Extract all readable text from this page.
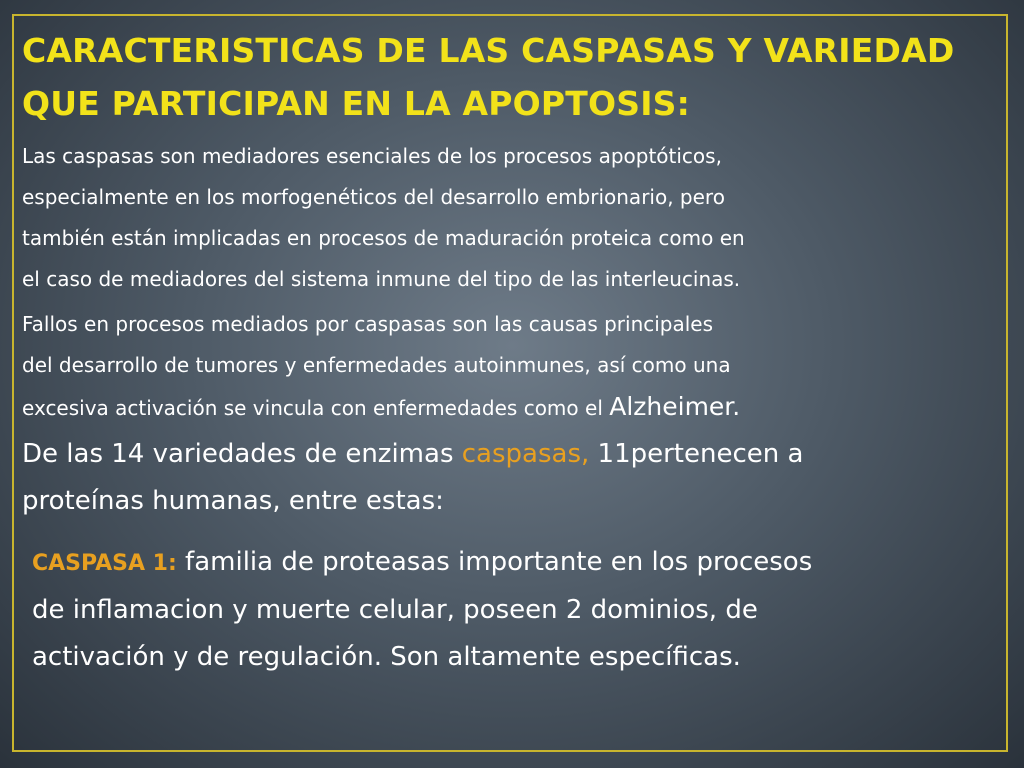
CARACTERISTICAS DE LAS CASPASAS Y VARIEDAD
QUE PARTICIPAN EN LA APOPTOSIS:

Las caspasas son mediadores esenciales de los procesos apoptóticos,
especialmente en los morfogenéticos del desarrollo embrionario, pero
también están implicadas en procesos de maduración proteica como en
el caso de mediadores del sistema inmune del tipo de las interleucinas.

Fallos en procesos mediados por caspasas son las causas principales
del desarrollo de tumores y enfermedades autoinmunes, así como una
excesiva activación se vincula con enfermedades como el Alzheimer.

De las 14 variedades de enzimas caspasas, 11pertenecen a
proteínas humanas, entre estas:

CASPASA 1: familia de proteasas importante en los procesos
de inflamacion y muerte celular, poseen 2 dominios, de
activación y de regulación. Son altamente específicas.
